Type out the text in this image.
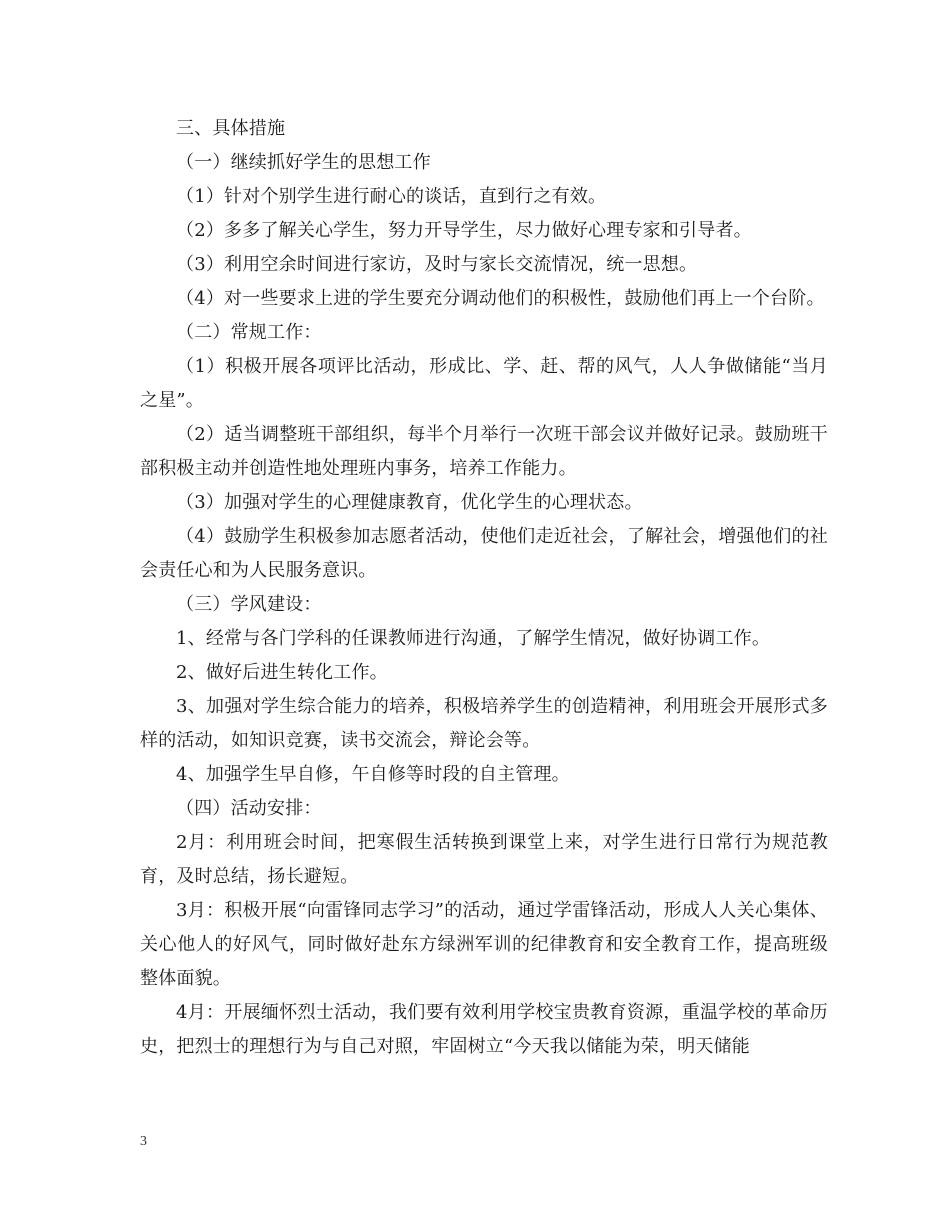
三、具体措施

（一）继续抓好学生的思想工作

（1）针对个别学生进行耐心的谈话，直到行之有效。

（2）多多了解关心学生，努力开导学生，尽力做好心理专家和引导者。

（3）利用空余时间进行家访，及时与家长交流情况，统一思想。

（4）对一些要求上进的学生要充分调动他们的积极性，鼓励他们再上一个台阶。

（二）常规工作：

（1）积极开展各项评比活动，形成比、学、赶、帮的风气，人人争做储能“当月之星”。

（2）适当调整班干部组织，每半个月举行一次班干部会议并做好记录。鼓励班干部积极主动并创造性地处理班内事务，培养工作能力。

（3）加强对学生的心理健康教育，优化学生的心理状态。

（4）鼓励学生积极参加志愿者活动，使他们走近社会，了解社会，增强他们的社会责任心和为人民服务意识。

（三）学风建设：

1、经常与各门学科的任课教师进行沟通，了解学生情况，做好协调工作。

2、做好后进生转化工作。

3、加强对学生综合能力的培养，积极培养学生的创造精神，利用班会开展形式多样的活动，如知识竞赛，读书交流会，辩论会等。

4、加强学生早自修，午自修等时段的自主管理。

（四）活动安排：

2月：利用班会时间，把寒假生活转换到课堂上来，对学生进行日常行为规范教育，及时总结，扬长避短。

3月：积极开展“向雷锋同志学习”的活动，通过学雷锋活动，形成人人关心集体、关心他人的好风气，同时做好赴东方绿洲军训的纪律教育和安全教育工作，提高班级整体面貌。

4月：开展缅怀烈士活动，我们要有效利用学校宝贵教育资源，重温学校的革命历史，把烈士的理想行为与自己对照，牢固树立“今天我以储能为荣，明天储能

3
